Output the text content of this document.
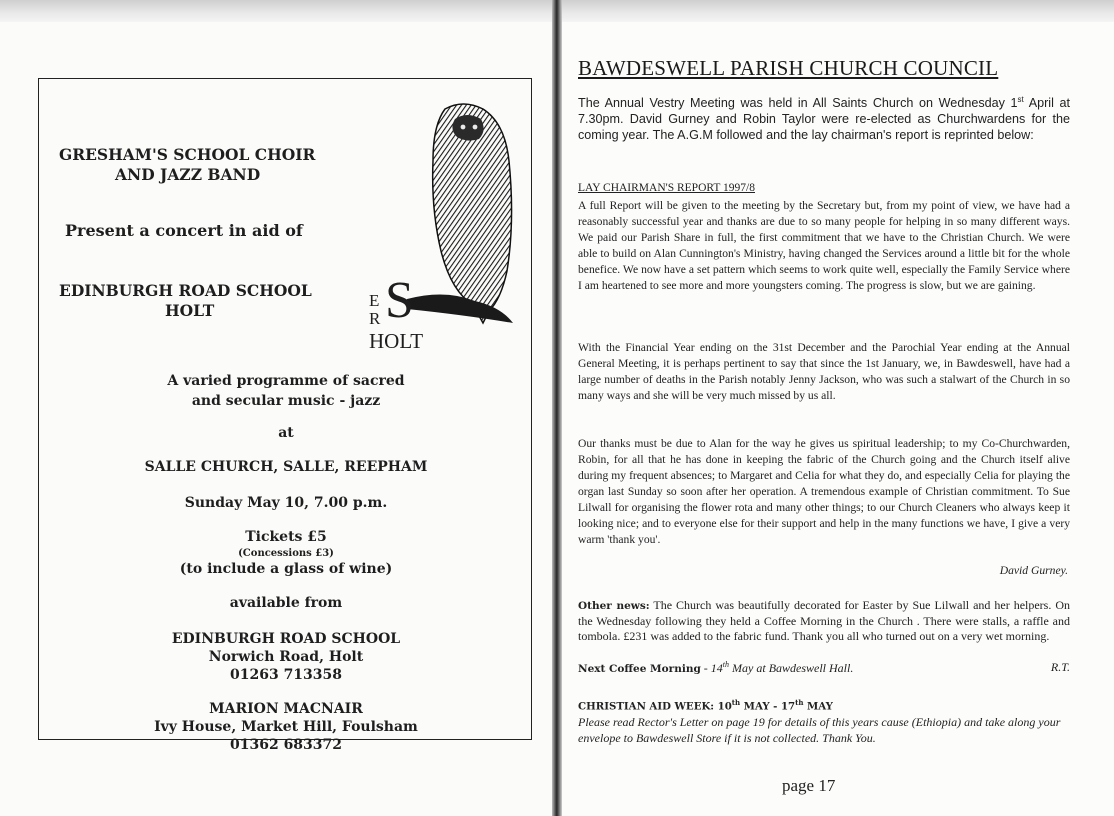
GRESHAM'S SCHOOL CHOIR

AND JAZZ BAND

Present a concert in aid of

EDINBURGH ROAD SCHOOL

HOLT

E
R S
HOLT

A varied programme of sacred

and secular music - jazz

at

SALLE CHURCH, SALLE, REEPHAM

Sunday May 10, 7.00 p.m.

Tickets £5

(Concessions £3)

(to include a glass of wine)

available from

EDINBURGH ROAD SCHOOL

Norwich Road, Holt

01263 713358

MARION MACNAIR

Ivy House, Market Hill, Foulsham

01362 683372

BAWDESWELL PARISH CHURCH COUNCIL

The Annual Vestry Meeting was held in All Saints Church on Wednesday 1st April at 7.30pm. David Gurney and Robin Taylor were re-elected as Churchwardens for the coming year. The A.G.M followed and the lay chairman's report is reprinted below:

LAY CHAIRMAN'S REPORT 1997/8

A full Report will be given to the meeting by the Secretary but, from my point of view, we have had a reasonably successful year and thanks are due to so many people for helping in so many different ways. We paid our Parish Share in full, the first commitment that we have to the Christian Church. We were able to build on Alan Cunnington's Ministry, having changed the Services around a little bit for the whole benefice. We now have a set pattern which seems to work quite well, especially the Family Service where I am heartened to see more and more youngsters coming. The progress is slow, but we are gaining.

With the Financial Year ending on the 31st December and the Parochial Year ending at the Annual General Meeting, it is perhaps pertinent to say that since the 1st January, we, in Bawdeswell, have had a large number of deaths in the Parish notably Jenny Jackson, who was such a stalwart of the Church in so many ways and she will be very much missed by us all.

Our thanks must be due to Alan for the way he gives us spiritual leadership; to my Co-Churchwarden, Robin, for all that he has done in keeping the fabric of the Church going and the Church itself alive during my frequent absences; to Margaret and Celia for what they do, and especially Celia for playing the organ last Sunday so soon after her operation. A tremendous example of Christian commitment. To Sue Lilwall for organising the flower rota and many other things; to our Church Cleaners who always keep it looking nice; and to everyone else for their support and help in the many functions we have, I give a very warm 'thank you'.

David Gurney.

Other news: The Church was beautifully decorated for Easter by Sue Lilwall and her helpers. On the Wednesday following they held a Coffee Morning in the Church . There were stalls, a raffle and tombola. £231 was added to the fabric fund. Thank you all who turned out on a very wet morning.

Next Coffee Morning - 14th May at Bawdeswell Hall.	R.T.

CHRISTIAN AID WEEK: 10th MAY - 17th MAY

Please read Rector's Letter on page 19 for details of this years cause (Ethiopia) and take along your envelope to Bawdeswell Store if it is not collected. Thank You.

page 17
